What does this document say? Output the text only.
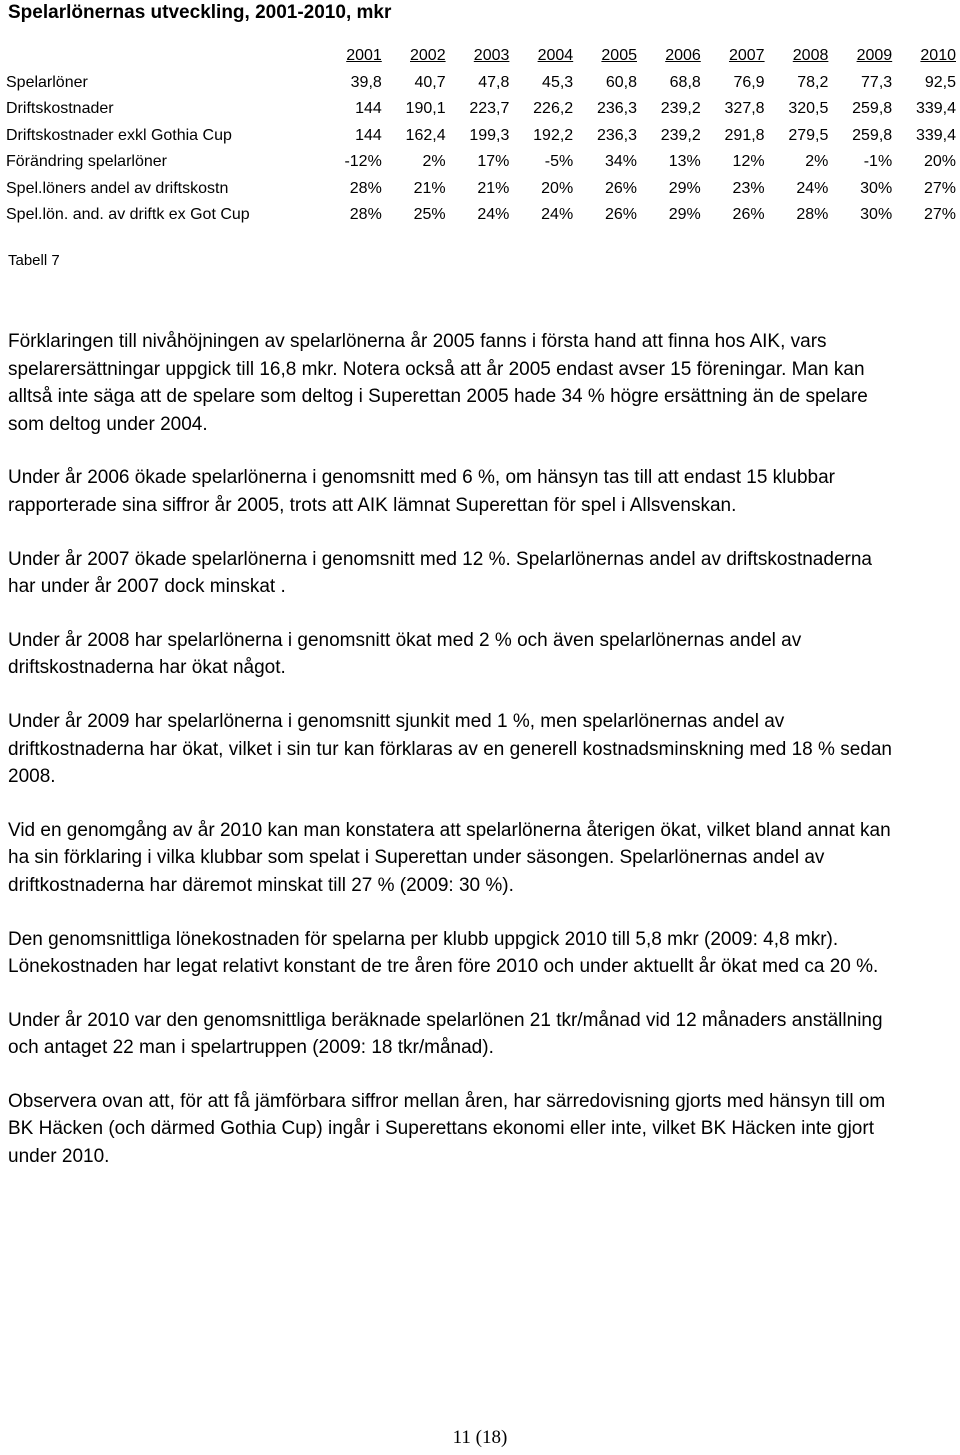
Spelarlönernas utveckling, 2001-2010, mkr
	2001	2002	2003	2004	2005	2006	2007	2008	2009	2010
Spelarlöner	39,8	40,7	47,8	45,3	60,8	68,8	76,9	78,2	77,3	92,5
Driftskostnader	144	190,1	223,7	226,2	236,3	239,2	327,8	320,5	259,8	339,4
Driftskostnader exkl Gothia Cup	144	162,4	199,3	192,2	236,3	239,2	291,8	279,5	259,8	339,4
Förändring spelarlöner	-12%	2%	17%	-5%	34%	13%	12%	2%	-1%	20%
Spel.löners andel av driftskostn	28%	21%	21%	20%	26%	29%	23%	24%	30%	27%
Spel.lön. and. av driftk ex Got Cup	28%	25%	24%	24%	26%	29%	26%	28%	30%	27%
Tabell 7

Förklaringen till nivåhöjningen av spelarlönerna år 2005 fanns i första hand att finna hos AIK, vars spelarersättningar uppgick till 16,8 mkr. Notera också att år 2005 endast avser 15 föreningar. Man kan alltså inte säga att de spelare som deltog i Superettan 2005 hade 34 % högre ersättning än de spelare som deltog under 2004.

Under år 2006 ökade spelarlönerna i genomsnitt med 6 %, om hänsyn tas till att endast 15 klubbar rapporterade sina siffror år 2005, trots att AIK lämnat Superettan för spel i Allsvenskan.

Under år 2007 ökade spelarlönerna i genomsnitt med 12 %. Spelarlönernas andel av driftskostnaderna har under år 2007 dock minskat .

Under år 2008 har spelarlönerna i genomsnitt ökat med 2 % och även spelarlönernas andel av driftskostnaderna har ökat något.

Under år 2009 har spelarlönerna i genomsnitt sjunkit med 1 %, men spelarlönernas andel av driftkostnaderna har ökat, vilket i sin tur kan förklaras av en generell kostnadsminskning med 18 % sedan 2008.

Vid en genomgång av år 2010 kan man konstatera att spelarlönerna återigen ökat, vilket bland annat kan ha sin förklaring i vilka klubbar som spelat i Superettan under säsongen. Spelarlönernas andel av driftkostnaderna har däremot minskat till 27 % (2009: 30 %).

Den genomsnittliga lönekostnaden för spelarna per klubb uppgick 2010 till 5,8 mkr (2009: 4,8 mkr). Lönekostnaden har legat relativt konstant de tre åren före 2010 och under aktuellt år ökat med ca 20 %.

Under år 2010 var den genomsnittliga beräknade spelarlönen 21 tkr/månad vid 12 månaders anställning och antaget 22 man i spelartruppen (2009: 18 tkr/månad).

Observera ovan att, för att få jämförbara siffror mellan åren, har särredovisning gjorts med hänsyn till om BK Häcken (och därmed Gothia Cup) ingår i Superettans ekonomi eller inte, vilket BK Häcken inte gjort under 2010.

11 (18)
